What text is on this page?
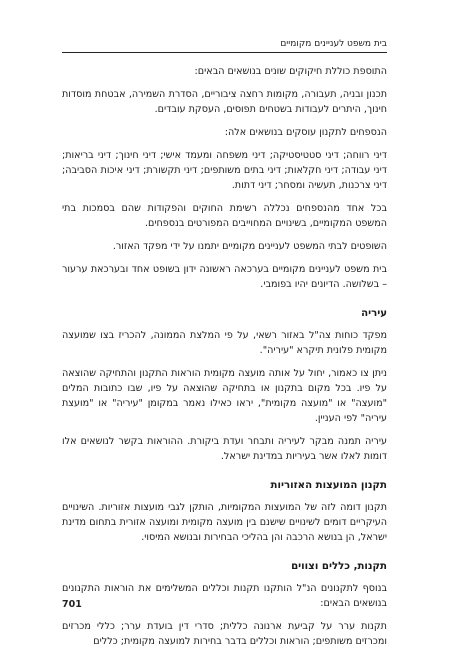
בית משפט לעניינים מקומיים

התוספת כוללת חיקוקים שונים בנושאים הבאים:

תכנון ובניה, תעבורה, מקומות רחצה ציבוריים, הסדרת השמירה, אבטחת מוסדות חינוך, היתרים לעבודות בשטחים תפוסים, העסקת עובדים.

הנספחים לתקנון עוסקים בנושאים אלה:

דיני רווחה; דיני סטטיסטיקה; דיני משפחה ומעמד אישי; דיני חינוך; דיני בריאות; דיני עבודה; דיני חקלאות; דיני בתים משותפים; דיני תקשורת; דיני איכות הסביבה; דיני צרכנות, תעשיה ומסחר; דיני דתות.

בכל אחד מהנספחים נכללה רשימת החוקים והפקודות שהם בסמכות בתי המשפט המקומיים, בשינויים המחוייבים המפורטים בנספחים.

השופטים לבתי המשפט לעניינים מקומיים יתמנו על ידי מפקד האזור.

בית משפט לעניינים מקומיים בערכאה ראשונה ידון בשופט אחד ובערכאת ערעור – בשלושה. הדיונים יהיו בפומבי.

עיריה

מפקד כוחות צה"ל באזור רשאי, על פי המלצת הממונה, להכריז בצו שמועצה מקומית פלונית תיקרא "עיריה".

ניתן צו כאמור, יחול על אותה מועצה מקומית הוראות התקנון והתחיקה שהוצאה על פיו. בכל מקום בתקנון או בתחיקה שהוצאה על פיו, שבו כתובות המלים "מועצה" או "מועצה מקומית", יראו כאילו נאמר במקומן "עיריה" או "מועצת עיריה" לפי העניין.

עיריה תמנה מבקר לעיריה ותבחר ועדת ביקורת. ההוראות בקשר לנושאים אלו דומות לאלו אשר בעיריות במדינת ישראל.

תקנון המועצות האזוריות

תקנון דומה לזה של המועצות המקומיות, הותקן לגבי מועצות אזוריות. השינויים העיקריים דומים לשינויים שישנם בין מועצה מקומית ומועצה אזורית בתחום מדינת ישראל, הן בנושא הרכבה והן בהליכי הבחירות ובנושא המיסוי.

תקנות, כללים וצווים

בנוסף לתקנונים הנ"ל הותקנו תקנות וכללים המשלימים את הוראות התקנונים בנושאים הבאים:

תקנות ערר על קביעת ארנונה כללית; סדרי דין בועדת ערר; כללי מכרזים ומכרזים משותפים; הוראות וכללים בדבר בחירות למועצה מקומית; כללים

701
